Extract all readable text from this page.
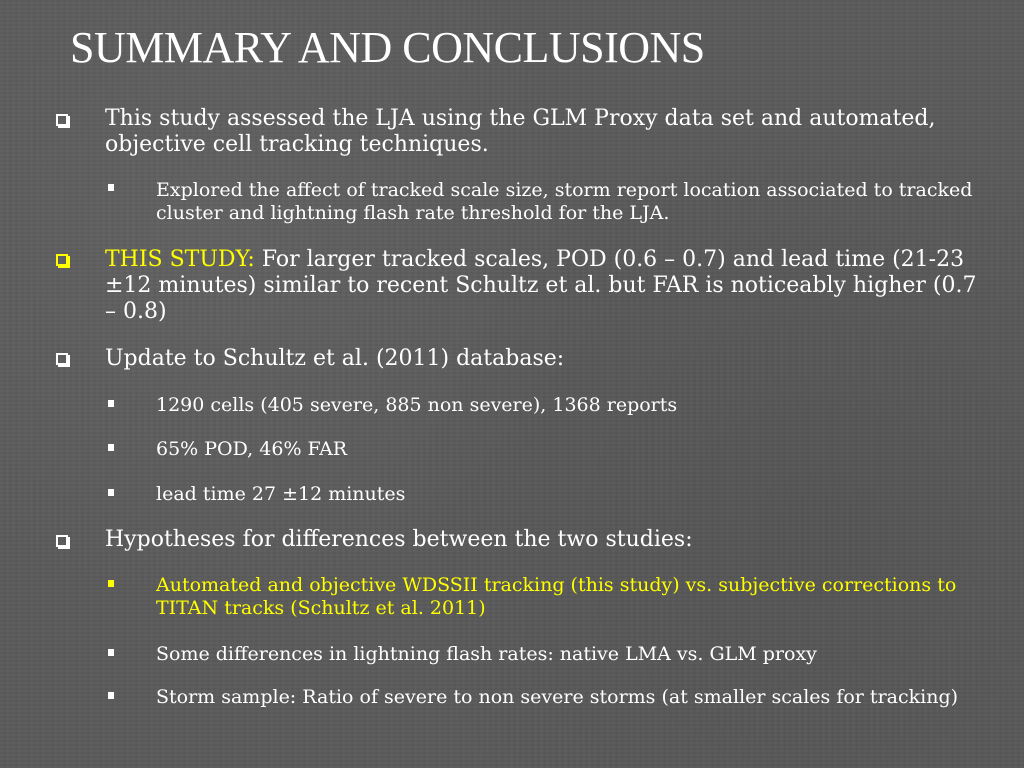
SUMMARY AND CONCLUSIONS
This study assessed the LJA using the GLM Proxy data set and automated, objective cell tracking techniques.
Explored the affect of tracked scale size, storm report location associated to tracked cluster and lightning flash rate threshold for the LJA.
THIS STUDY: For larger tracked scales, POD (0.6 – 0.7) and lead time (21-23 ±12 minutes) similar to recent Schultz et al. but FAR is noticeably higher (0.7 – 0.8)
Update to Schultz et al. (2011) database:
1290 cells (405 severe, 885 non severe), 1368 reports
65% POD, 46% FAR
lead time 27 ±12 minutes
Hypotheses for differences between the two studies:
Automated and objective WDSSII tracking (this study) vs. subjective corrections to TITAN tracks (Schultz et al. 2011)
Some differences in lightning flash rates: native LMA vs. GLM proxy
Storm sample: Ratio of severe to non severe storms (at smaller scales for tracking)
